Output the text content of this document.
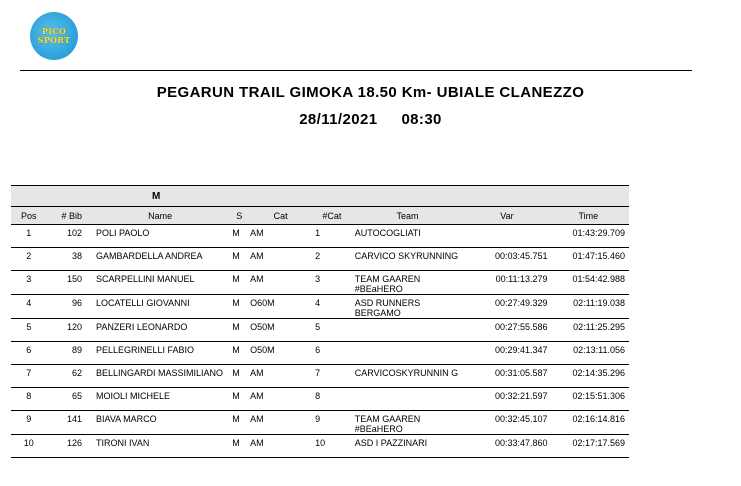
PICO
SPORT
PEGARUN TRAIL GIMOKA 18.50 Km- UBIALE CLANEZZO
28/11/2021 08:30
M								
Pos	# Bib	Name	S	Cat	#Cat	Team	Var	Time
1	102	POLI PAOLO	M	AM	1	AUTOCOGLIATI		01:43:29.709
2	38	GAMBARDELLA ANDREA	M	AM	2	CARVICO SKYRUNNING	00:03:45.751	01:47:15.460
3	150	SCARPELLINI MANUEL	M	AM	3	TEAM GAAREN #BEaHERO	00:11:13.279	01:54:42.988
4	96	LOCATELLI GIOVANNI	M	O60M	4	ASD RUNNERS BERGAMO	00:27:49.329	02:11:19.038
5	120	PANZERI LEONARDO	M	O50M	5		00:27:55.586	02:11:25.295
6	89	PELLEGRINELLI FABIO	M	O50M	6		00:29:41.347	02:13:11.056
7	62	BELLINGARDI MASSIMILIANO	M	AM	7	CARVICOSKYRUNNIN G	00:31:05.587	02:14:35.296
8	65	MOIOLI MICHELE	M	AM	8		00:32:21.597	02:15:51.306
9	141	BIAVA MARCO	M	AM	9	TEAM GAAREN #BEaHERO	00:32:45.107	02:16:14.816
10	126	TIRONI IVAN	M	AM	10	ASD I PAZZINARI	00:33:47.860	02:17:17.569
